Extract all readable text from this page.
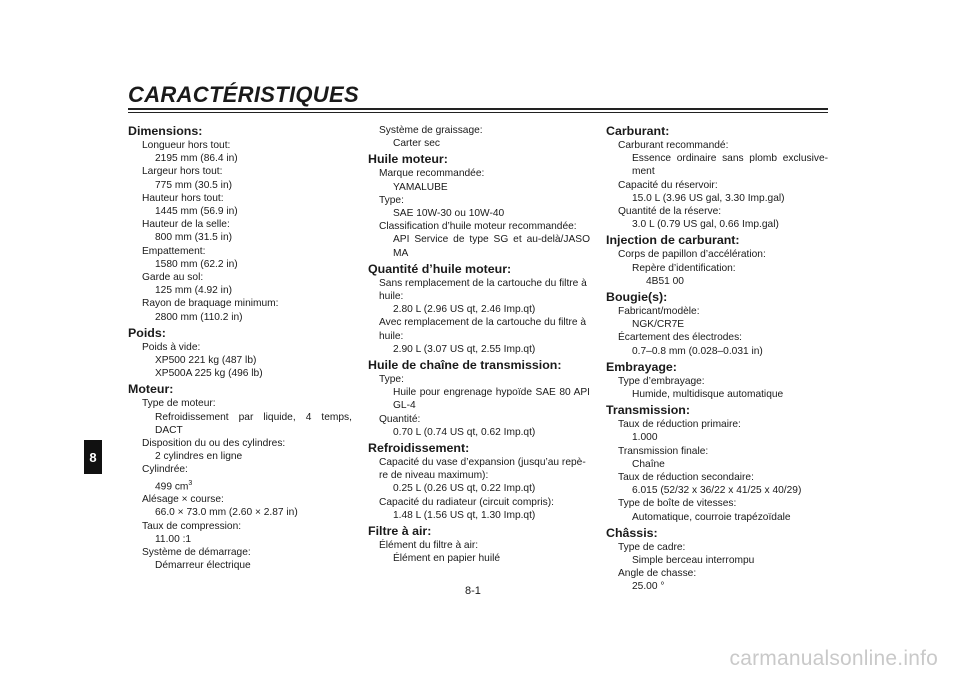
CARACTÉRISTIQUES
8
Dimensions:
Longueur hors tout:
2195 mm (86.4 in)
Largeur hors tout:
775 mm (30.5 in)
Hauteur hors tout:
1445 mm (56.9 in)
Hauteur de la selle:
800 mm (31.5 in)
Empattement:
1580 mm (62.2 in)
Garde au sol:
125 mm (4.92 in)
Rayon de braquage minimum:
2800 mm (110.2 in)
Poids:
Poids à vide:
XP500 221 kg (487 lb)
XP500A 225 kg (496 lb)
Moteur:
Type de moteur:
Refroidissement par liquide, 4 temps,
DACT
Disposition du ou des cylindres:
2 cylindres en ligne
Cylindrée:
499 $cm^3$
Alésage × course:
66.0 × 73.0 mm (2.60 × 2.87 in)
Taux de compression:
11.00 :1
Système de démarrage:
Démarreur électrique
Système de graissage:
Carter sec
Huile moteur:
Marque recommandée:
YAMALUBE
Type:
SAE 10W-30 ou 10W-40
Classification d’huile moteur recommandée:
API Service de type SG et au-delà/JASO
MA
Quantité d’huile moteur:
Sans remplacement de la cartouche du filtre à
huile:
2.80 L (2.96 US qt, 2.46 Imp.qt)
Avec remplacement de la cartouche du filtre à
huile:
2.90 L (3.07 US qt, 2.55 Imp.qt)
Huile de chaîne de transmission:
Type:
Huile pour engrenage hypoïde SAE 80 API
GL-4
Quantité:
0.70 L (0.74 US qt, 0.62 Imp.qt)
Refroidissement:
Capacité du vase d’expansion (jusqu’au repè-
re de niveau maximum):
0.25 L (0.26 US qt, 0.22 Imp.qt)
Capacité du radiateur (circuit compris):
1.48 L (1.56 US qt, 1.30 Imp.qt)
Filtre à air:
Élément du filtre à air:
Élément en papier huilé
Carburant:
Carburant recommandé:
Essence ordinaire sans plomb exclusive-
ment
Capacité du réservoir:
15.0 L (3.96 US gal, 3.30 Imp.gal)
Quantité de la réserve:
3.0 L (0.79 US gal, 0.66 Imp.gal)
Injection de carburant:
Corps de papillon d’accélération:
Repère d’identification:
4B51 00
Bougie(s):
Fabricant/modèle:
NGK/CR7E
Écartement des électrodes:
0.7–0.8 mm (0.028–0.031 in)
Embrayage:
Type d’embrayage:
Humide, multidisque automatique
Transmission:
Taux de réduction primaire:
1.000
Transmission finale:
Chaîne
Taux de réduction secondaire:
6.015 (52/32 x 36/22 x 41/25 x 40/29)
Type de boîte de vitesses:
Automatique, courroie trapézoïdale
Châssis:
Type de cadre:
Simple berceau interrompu
Angle de chasse:
25.00 °
8-1
carmanualsonline.info
